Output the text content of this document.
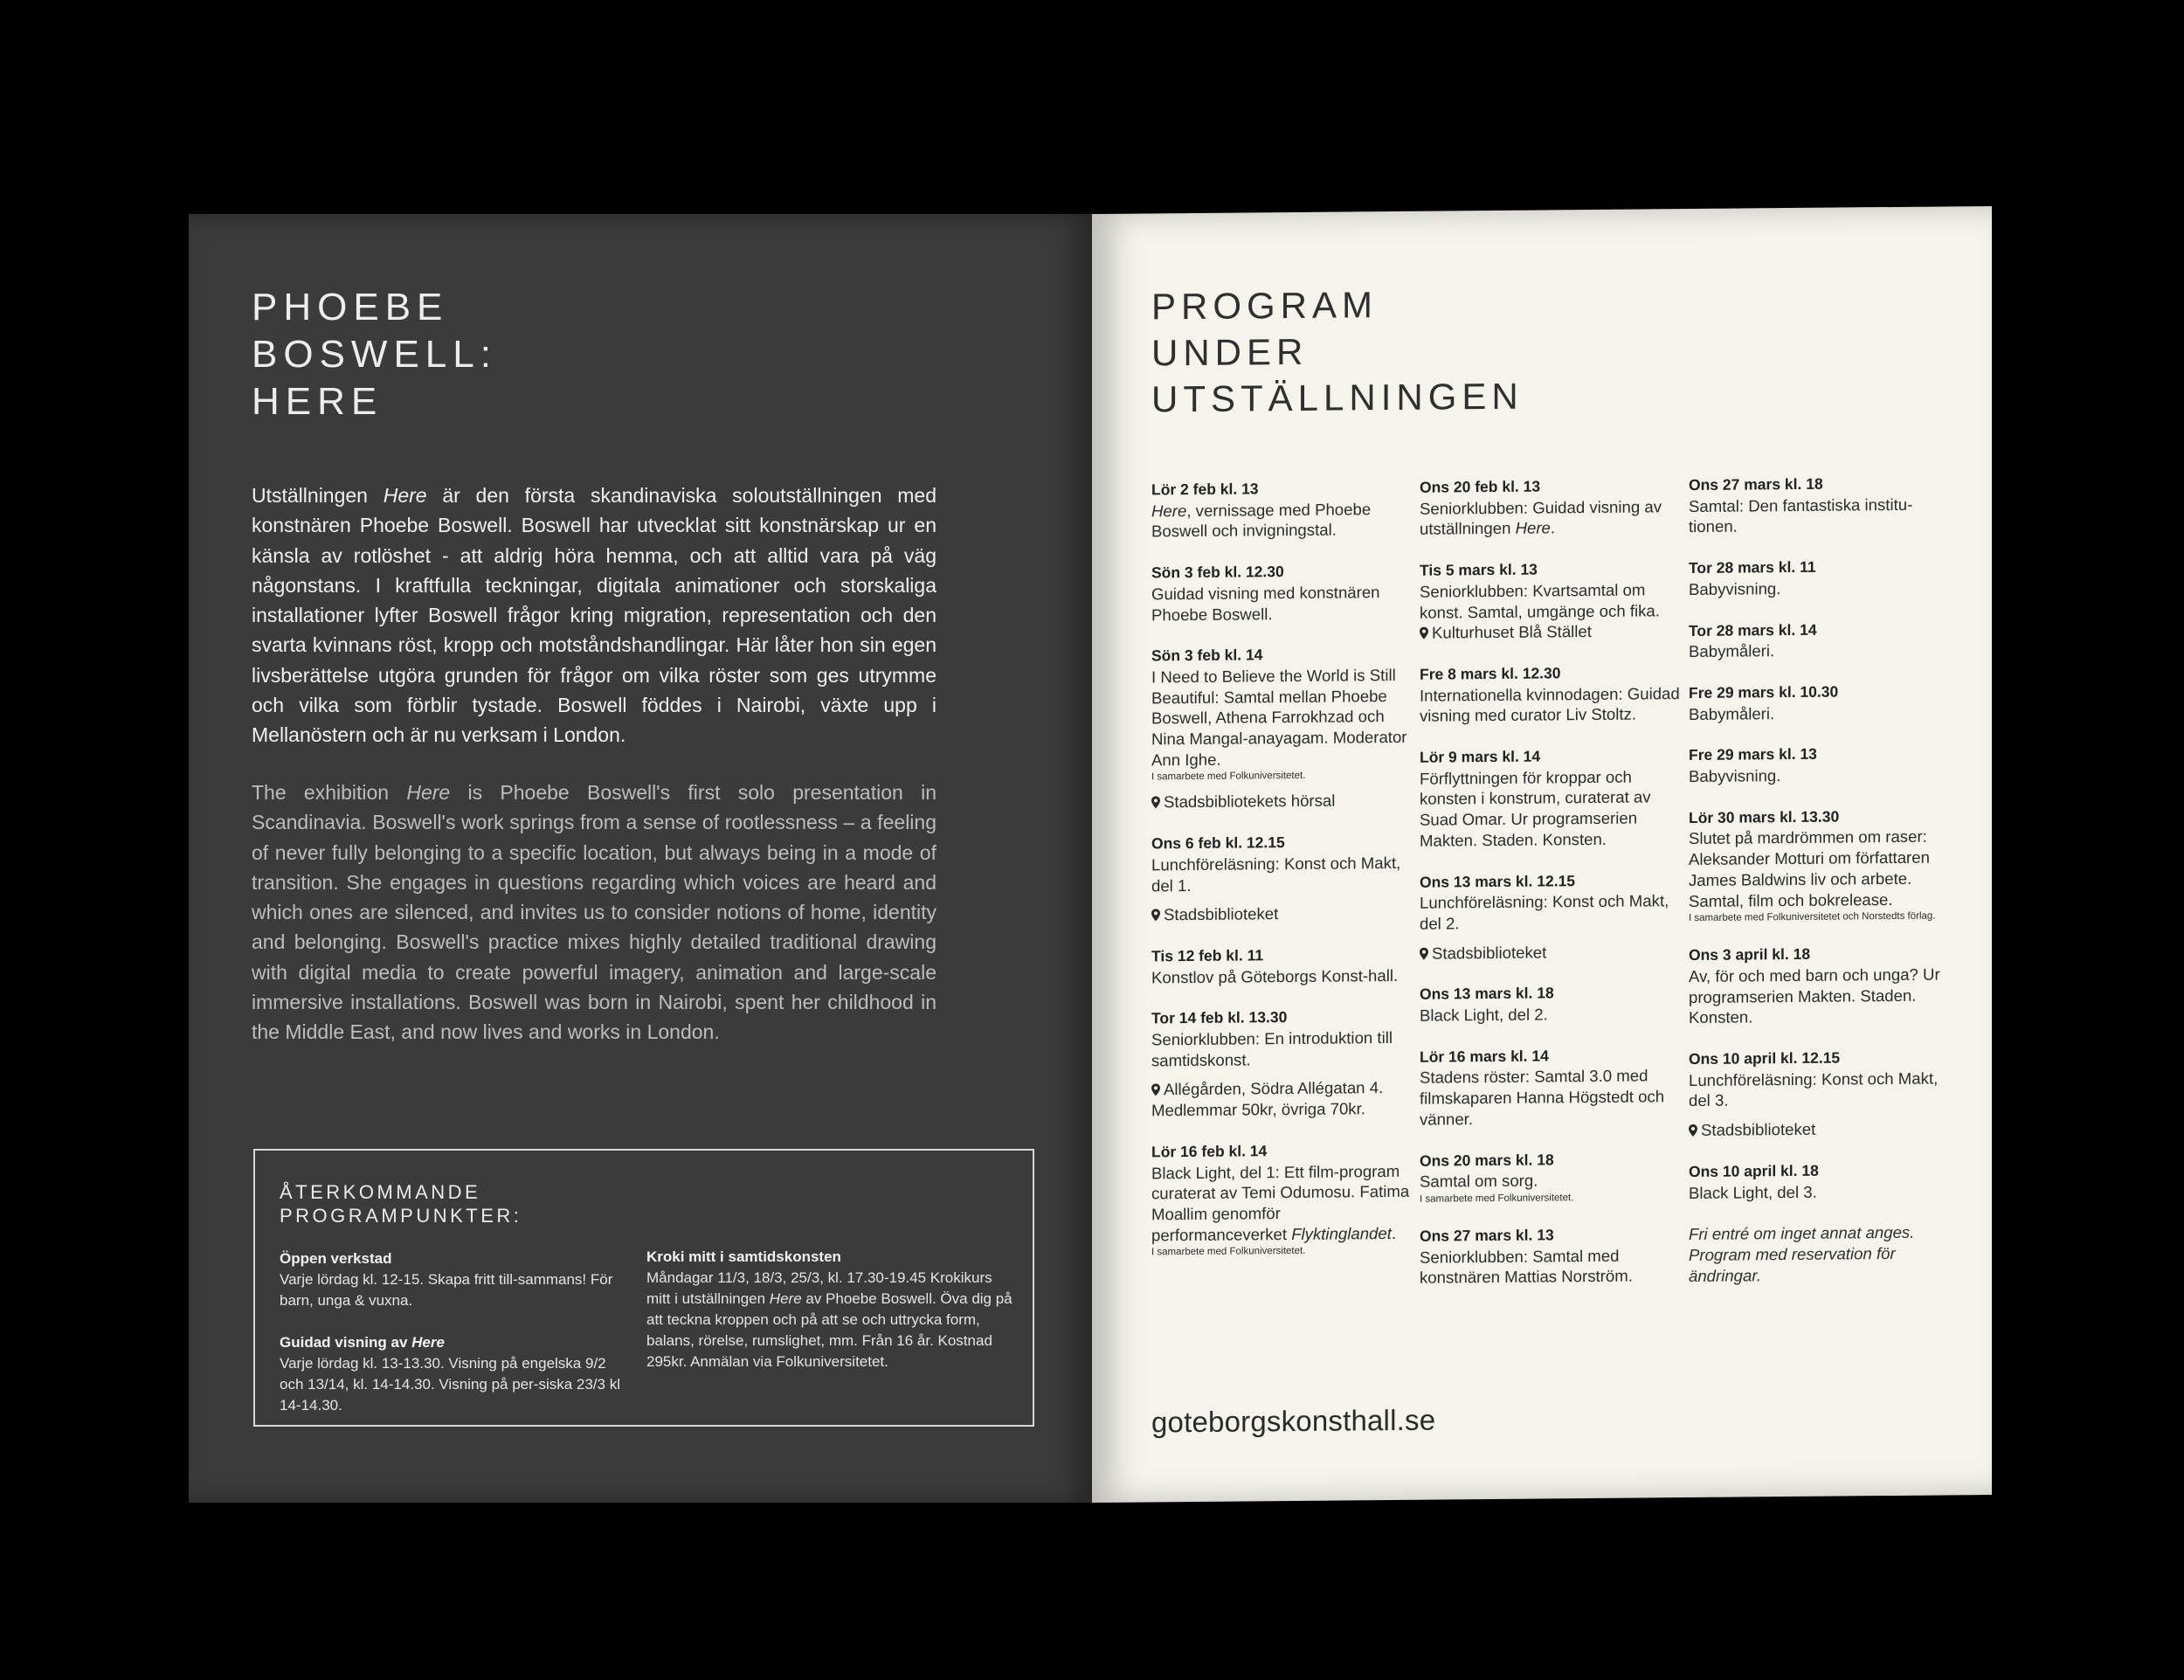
PHOEBE
BOSWELL:
HERE

Utställningen Here är den första skandinaviska soloutställningen med konstnären Phoebe Boswell. Boswell har utvecklat sitt konstnärskap ur en känsla av rotlöshet - att aldrig höra hemma, och att alltid vara på väg någonstans. I kraftfulla teckningar, digitala animationer och storskaliga installationer lyfter Boswell frågor kring migration, representation och den svarta kvinnans röst, kropp och motståndshandlingar. Här låter hon sin egen livsberättelse utgöra grunden för frågor om vilka röster som ges utrymme och vilka som förblir tystade. Boswell föddes i Nairobi, växte upp i Mellanöstern och är nu verksam i London.

The exhibition Here is Phoebe Boswell's first solo presentation in Scandinavia. Boswell's work springs from a sense of rootlessness – a feeling of never fully belonging to a specific location, but always being in a mode of transition. She engages in questions regarding which voices are heard and which ones are silenced, and invites us to consider notions of home, identity and belonging. Boswell's practice mixes highly detailed traditional drawing with digital media to create powerful imagery, animation and large-scale immersive installations. Boswell was born in Nairobi, spent her childhood in the Middle East, and now lives and works in London.

ÅTERKOMMANDE
PROGRAMPUNKTER:
Öppen verkstad
Varje lördag kl. 12-15. Skapa fritt till-sammans! För barn, unga & vuxna.
Guidad visning av Here
Varje lördag kl. 13-13.30. Visning på engelska 9/2 och 13/14, kl. 14-14.30. Visning på per-siska 23/3 kl 14-14.30.
Kroki mitt i samtidskonsten
Måndagar 11/3, 18/3, 25/3, kl. 17.30-19.45 Krokikurs mitt i utställningen Here av Phoebe Boswell. Öva dig på att teckna kroppen och på att se och uttrycka form, balans, rörelse, rumslighet, mm. Från 16 år. Kostnad 295kr. Anmälan via Folkuniversitetet.
PROGRAM
UNDER
UTSTÄLLNINGEN
Lör 2 feb kl. 13
Here, vernissage med Phoebe Boswell och invigningstal.
Sön 3 feb kl. 12.30
Guidad visning med konstnären Phoebe Boswell.
Sön 3 feb kl. 14
I Need to Believe the World is Still Beautiful: Samtal mellan Phoebe Boswell, Athena Farrokhzad och Nina Mangal-anayagam. Moderator Ann Ighe.
I samarbete med Folkuniversitetet.
Stadsbibliotekets hörsal
Ons 6 feb kl. 12.15
Lunchföreläsning: Konst och Makt, del 1.
Stadsbiblioteket
Tis 12 feb kl. 11
Konstlov på Göteborgs Konst-hall.
Tor 14 feb kl. 13.30
Seniorklubben: En introduktion till samtidskonst.
Allégården, Södra Allégatan 4. Medlemmar 50kr, övriga 70kr.
Lör 16 feb kl. 14
Black Light, del 1: Ett film-program curaterat av Temi Odumosu. Fatima Moallim genomför performanceverket Flyktinglandet.
I samarbete med Folkuniversitetet.
Ons 20 feb kl. 13
Seniorklubben: Guidad visning av utställningen Here.
Tis 5 mars kl. 13
Seniorklubben: Kvartsamtal om konst. Samtal, umgänge och fika.
Kulturhuset Blå Stället
Fre 8 mars kl. 12.30
Internationella kvinnodagen: Guidad visning med curator Liv Stoltz.
Lör 9 mars kl. 14
Förflyttningen för kroppar och konsten i konstrum, curaterat av Suad Omar. Ur programserien Makten. Staden. Konsten.
Ons 13 mars kl. 12.15
Lunchföreläsning: Konst och Makt, del 2.
Stadsbiblioteket
Ons 13 mars kl. 18
Black Light, del 2.
Lör 16 mars kl. 14
Stadens röster: Samtal 3.0 med filmskaparen Hanna Högstedt och vänner.
Ons 20 mars kl. 18
Samtal om sorg.
I samarbete med Folkuniversitetet.
Ons 27 mars kl. 13
Seniorklubben: Samtal med konstnären Mattias Norström.
Ons 27 mars kl. 18
Samtal: Den fantastiska institu-tionen.
Tor 28 mars kl. 11
Babyvisning.
Tor 28 mars kl. 14
Babymåleri.
Fre 29 mars kl. 10.30
Babymåleri.
Fre 29 mars kl. 13
Babyvisning.
Lör 30 mars kl. 13.30
Slutet på mardrömmen om raser: Aleksander Motturi om författaren James Baldwins liv och arbete. Samtal, film och bokrelease.
I samarbete med Folkuniversitetet och Norstedts förlag.
Ons 3 april kl. 18
Av, för och med barn och unga? Ur programserien Makten. Staden. Konsten.
Ons 10 april kl. 12.15
Lunchföreläsning: Konst och Makt, del 3.
Stadsbiblioteket
Ons 10 april kl. 18
Black Light, del 3.
Fri entré om inget annat anges. Program med reservation för ändringar.
goteborgskonsthall.se
